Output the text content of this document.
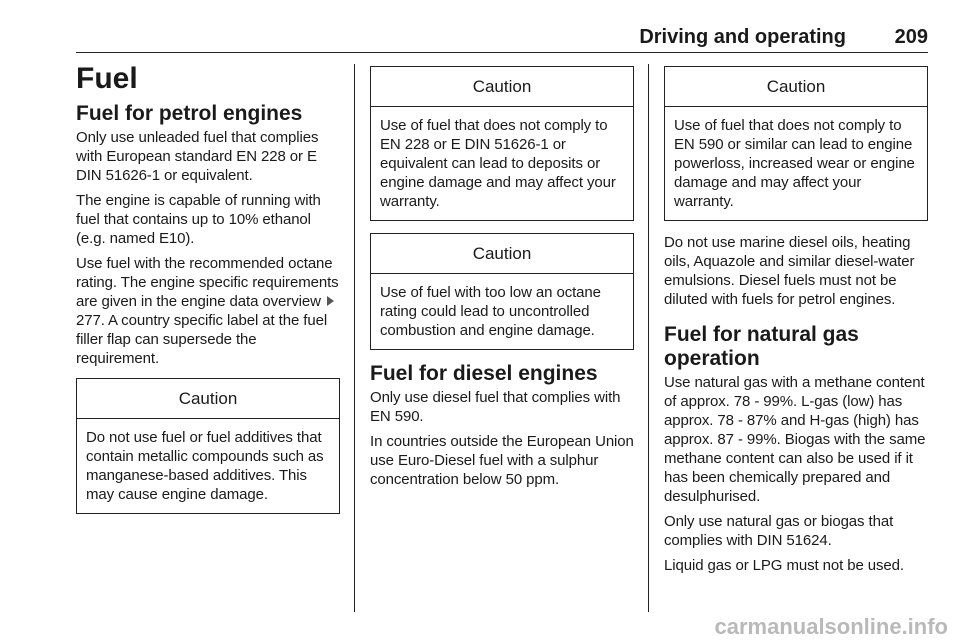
Driving and operating 209
Fuel
Fuel for petrol engines
Only use unleaded fuel that complies with European standard EN 228 or E DIN 51626-1 or equivalent.
The engine is capable of running with fuel that contains up to 10% ethanol (e.g. named E10).
Use fuel with the recommended octane rating. The engine specific requirements are given in the engine data overview 277. A country specific label at the fuel filler flap can supersede the requirement.
Caution
Do not use fuel or fuel additives that contain metallic compounds such as manganese-based additives. This may cause engine damage.
Caution
Use of fuel that does not comply to EN 228 or E DIN 51626-1 or equivalent can lead to deposits or engine damage and may affect your warranty.
Caution
Use of fuel with too low an octane rating could lead to uncontrolled combustion and engine damage.
Fuel for diesel engines
Only use diesel fuel that complies with EN 590.
In countries outside the European Union use Euro-Diesel fuel with a sulphur concentration below 50 ppm.
Caution
Use of fuel that does not comply to EN 590 or similar can lead to engine powerloss, increased wear or engine damage and may affect your warranty.
Do not use marine diesel oils, heating oils, Aquazole and similar diesel-water emulsions. Diesel fuels must not be diluted with fuels for petrol engines.
Fuel for natural gas operation
Use natural gas with a methane content of approx. 78 - 99%. L-gas (low) has approx. 78 - 87% and H-gas (high) has approx. 87 - 99%. Biogas with the same methane content can also be used if it has been chemically prepared and desulphurised.
Only use natural gas or biogas that complies with DIN 51624.
Liquid gas or LPG must not be used.
carmanualsonline.info
